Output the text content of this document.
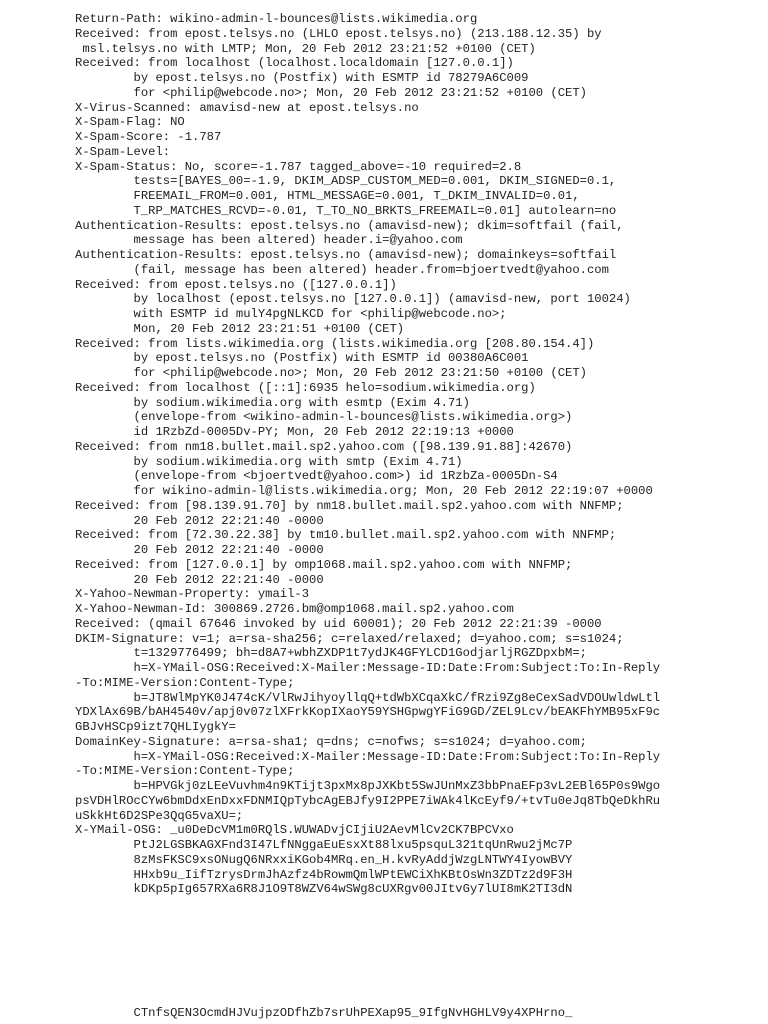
Return-Path: wikino-admin-l-bounces@lists.wikimedia.org
Received: from epost.telsys.no (LHLO epost.telsys.no) (213.188.12.35) by
msl.telsys.no with LMTP; Mon, 20 Feb 2012 23:21:52 +0100 (CET)
Received: from localhost (localhost.localdomain [127.0.0.1])
by epost.telsys.no (Postfix) with ESMTP id 78279A6C009
for <philip@webcode.no>; Mon, 20 Feb 2012 23:21:52 +0100 (CET)
X-Virus-Scanned: amavisd-new at epost.telsys.no
X-Spam-Flag: NO
X-Spam-Score: -1.787
X-Spam-Level:
X-Spam-Status: No, score=-1.787 tagged_above=-10 required=2.8
tests=[BAYES_00=-1.9, DKIM_ADSP_CUSTOM_MED=0.001, DKIM_SIGNED=0.1,
FREEMAIL_FROM=0.001, HTML_MESSAGE=0.001, T_DKIM_INVALID=0.01,
T_RP_MATCHES_RCVD=-0.01, T_TO_NO_BRKTS_FREEMAIL=0.01] autolearn=no
Authentication-Results: epost.telsys.no (amavisd-new); dkim=softfail (fail,
message has been altered) header.i=@yahoo.com
Authentication-Results: epost.telsys.no (amavisd-new); domainkeys=softfail
(fail, message has been altered) header.from=bjoertvedt@yahoo.com
Received: from epost.telsys.no ([127.0.0.1])
by localhost (epost.telsys.no [127.0.0.1]) (amavisd-new, port 10024)
with ESMTP id mulY4pgNLKCD for <philip@webcode.no>;
Mon, 20 Feb 2012 23:21:51 +0100 (CET)
Received: from lists.wikimedia.org (lists.wikimedia.org [208.80.154.4])
by epost.telsys.no (Postfix) with ESMTP id 00380A6C001
for <philip@webcode.no>; Mon, 20 Feb 2012 23:21:50 +0100 (CET)
Received: from localhost ([::1]:6935 helo=sodium.wikimedia.org)
by sodium.wikimedia.org with esmtp (Exim 4.71)
(envelope-from <wikino-admin-l-bounces@lists.wikimedia.org>)
id 1RzbZd-0005Dv-PY; Mon, 20 Feb 2012 22:19:13 +0000
Received: from nm18.bullet.mail.sp2.yahoo.com ([98.139.91.88]:42670)
by sodium.wikimedia.org with smtp (Exim 4.71)
(envelope-from <bjoertvedt@yahoo.com>) id 1RzbZa-0005Dn-S4
for wikino-admin-l@lists.wikimedia.org; Mon, 20 Feb 2012 22:19:07 +0000
Received: from [98.139.91.70] by nm18.bullet.mail.sp2.yahoo.com with NNFMP;
20 Feb 2012 22:21:40 -0000
Received: from [72.30.22.38] by tm10.bullet.mail.sp2.yahoo.com with NNFMP;
20 Feb 2012 22:21:40 -0000
Received: from [127.0.0.1] by omp1068.mail.sp2.yahoo.com with NNFMP;
20 Feb 2012 22:21:40 -0000
X-Yahoo-Newman-Property: ymail-3
X-Yahoo-Newman-Id: 300869.2726.bm@omp1068.mail.sp2.yahoo.com
Received: (qmail 67646 invoked by uid 60001); 20 Feb 2012 22:21:39 -0000
DKIM-Signature: v=1; a=rsa-sha256; c=relaxed/relaxed; d=yahoo.com; s=s1024;
t=1329776499; bh=d8A7+wbhZXDP1t7ydJK4GFYLCD1GodjarljRGZDpxbM=;
h=X-YMail-OSG:Received:X-Mailer:Message-ID:Date:From:Subject:To:In-Reply
-To:MIME-Version:Content-Type;
b=JT8WlMpYK0J474cK/VlRwJihyoyllqQ+tdWbXCqaXkC/fRzi9Zg8eCexSadVDOUwldwLtl
YDXlAx69B/bAH4540v/apj0v07zlXFrkKopIXaoY59YSHGpwgYFiG9GD/ZEL9Lcv/bEAKFhYMB95xF9c
GBJvHSCp9izt7QHLIygkY=
DomainKey-Signature: a=rsa-sha1; q=dns; c=nofws; s=s1024; d=yahoo.com;
h=X-YMail-OSG:Received:X-Mailer:Message-ID:Date:From:Subject:To:In-Reply
-To:MIME-Version:Content-Type;
b=HPVGkj0zLEeVuvhm4n9KTijt3pxMx8pJXKbt5SwJUnMxZ3bbPnaEFp3vL2EBl65P0s9Wgo
psVDHlROcCYw6bmDdxEnDxxFDNMIQpTybcAgEBJfy9I2PPE7iWAk4lKcEyf9/+tvTu0eJq8TbQeDkhRu
uSkkHt6D2SPe3QqG5vaXU=;
X-YMail-OSG: _u0DeDcVM1m0RQlS.WUWADvjCIjiU2AevMlCv2CK7BPCVxo
PtJ2LGSBKAGXFnd3I47LfNNggaEuEsxXt88lxu5psquL321tqUnRwu2jMc7P
8zMsFKSC9xsONugQ6NRxxiKGob4MRq.en_H.kvRyAddjWzgLNTWY4IyowBVY
HHxb9u_IifTzrysDrmJhAzfz4bRowmQmlWPtEWCiXhKBtOsWn3ZDTz2d9F3H
kDKp5pIg657RXa6R8J1O9T8WZV64wSWg8cUXRgv00JItvGy7lUI8mK2TI3dN
CTnfsQEN3OcmdHJVujpzODfhZb7srUhPEXap95_9IfgNvHGHLV9y4XPHrno_
